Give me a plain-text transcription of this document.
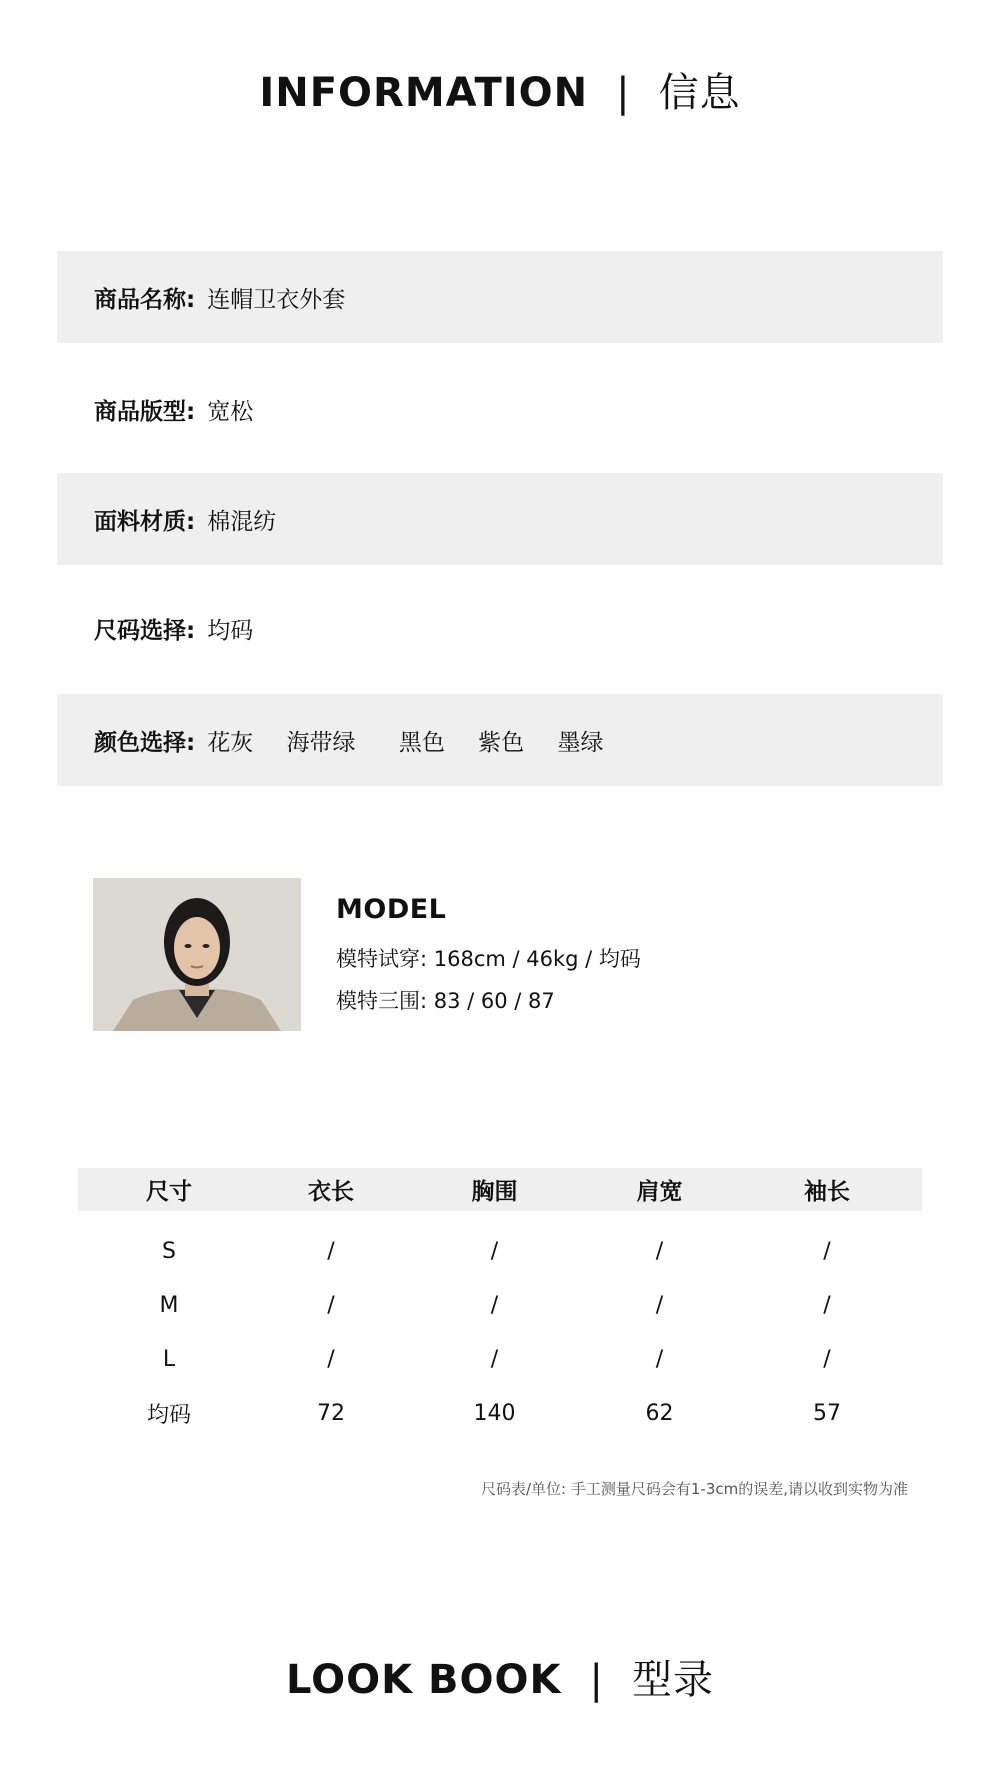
INFORMATION | 信息
商品名称: 连帽卫衣外套
商品版型: 宽松
面料材质: 棉混纺
尺码选择: 均码
颜色选择: 花灰 海带绿 黑色 紫色 墨绿
MODEL
模特试穿: 168cm / 46kg / 均码
模特三围: 83 / 60 / 87
尺寸	衣长	胸围	肩宽	袖长
S	/	/	/	/
M	/	/	/	/
L	/	/	/	/
均码	72	140	62	57
尺码表/单位: 手工测量尺码会有1-3cm的误差,请以收到实物为准
LOOK BOOK | 型录
